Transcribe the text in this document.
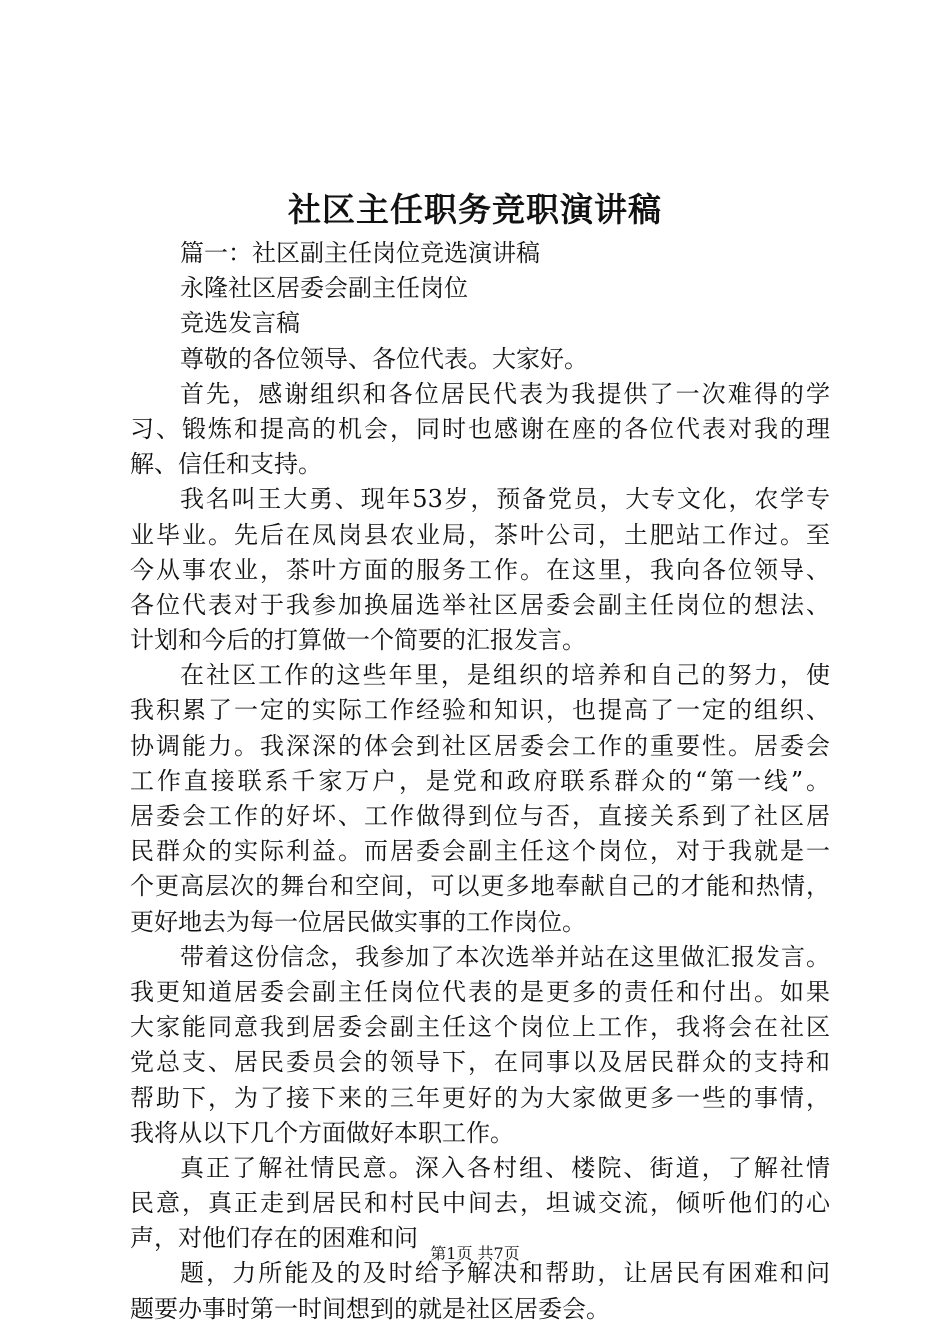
社区主任职务竞职演讲稿
篇一：社区副主任岗位竞选演讲稿
永隆社区居委会副主任岗位
竞选发言稿
尊敬的各位领导、各位代表。大家好。
首先，感谢组织和各位居民代表为我提供了一次难得的学
习、锻炼和提高的机会，同时也感谢在座的各位代表对我的理
解、信任和支持。
我名叫王大勇、现年53岁，预备党员，大专文化，农学专
业毕业。先后在凤岗县农业局，茶叶公司，土肥站工作过。至
今从事农业，茶叶方面的服务工作。在这里，我向各位领导、
各位代表对于我参加换届选举社区居委会副主任岗位的想法、
计划和今后的打算做一个简要的汇报发言。
在社区工作的这些年里，是组织的培养和自己的努力，使
我积累了一定的实际工作经验和知识，也提高了一定的组织、
协调能力。我深深的体会到社区居委会工作的重要性。居委会
工作直接联系千家万户，是党和政府联系群众的“第一线”。
居委会工作的好坏、工作做得到位与否，直接关系到了社区居
民群众的实际利益。而居委会副主任这个岗位，对于我就是一
个更高层次的舞台和空间，可以更多地奉献自己的才能和热情，
更好地去为每一位居民做实事的工作岗位。
带着这份信念，我参加了本次选举并站在这里做汇报发言。
我更知道居委会副主任岗位代表的是更多的责任和付出。如果
大家能同意我到居委会副主任这个岗位上工作，我将会在社区
党总支、居民委员会的领导下，在同事以及居民群众的支持和
帮助下，为了接下来的三年更好的为大家做更多一些的事情，
我将从以下几个方面做好本职工作。
真正了解社情民意。深入各村组、楼院、街道，了解社情
民意，真正走到居民和村民中间去，坦诚交流，倾听他们的心
声，对他们存在的困难和问
题，力所能及的及时给予解决和帮助，让居民有困难和问
题要办事时第一时间想到的就是社区居委会。
第1页 共7页
